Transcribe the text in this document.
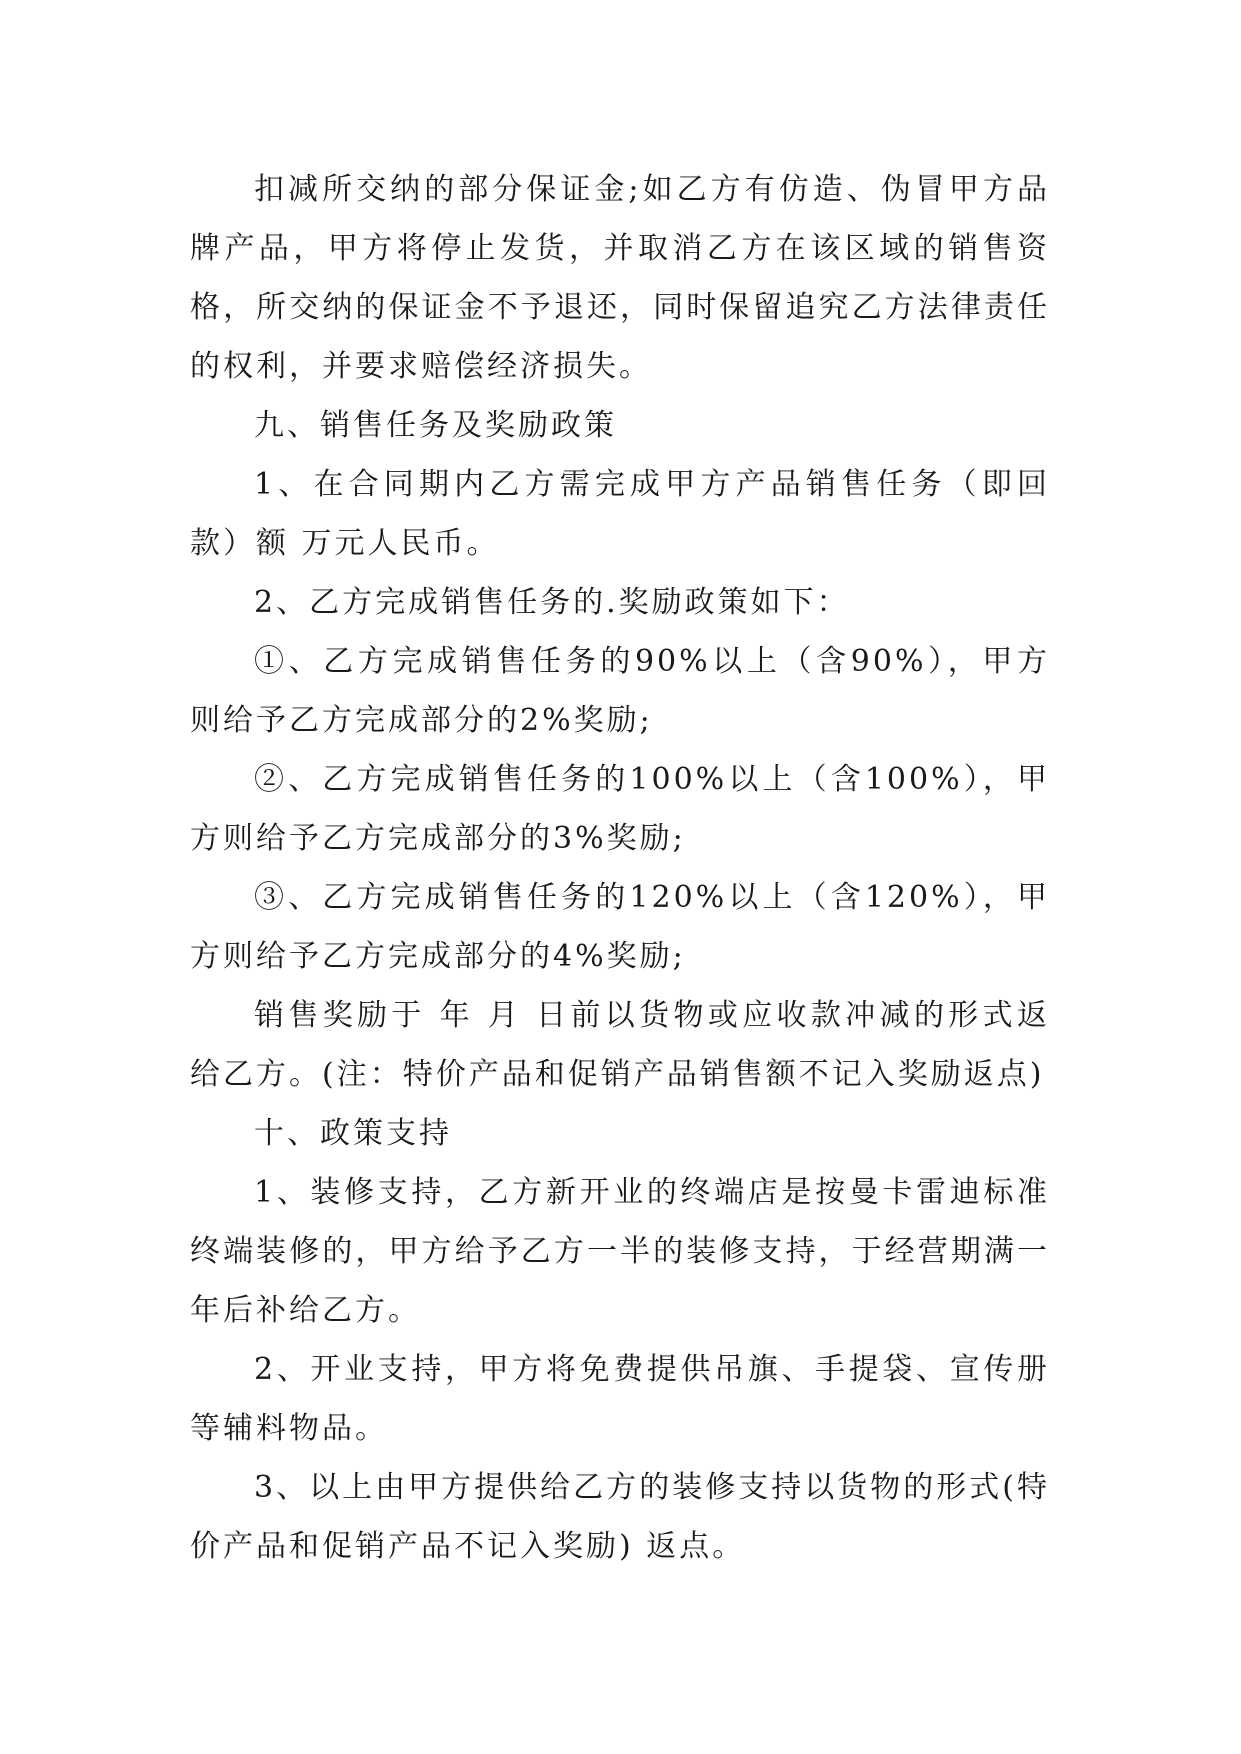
扣减所交纳的部分保证金;如乙方有仿造、伪冒甲方品牌产品，甲方将停止发货，并取消乙方在该区域的销售资格，所交纳的保证金不予退还，同时保留追究乙方法律责任的权利，并要求赔偿经济损失。

九、销售任务及奖励政策

1、在合同期内乙方需完成甲方产品销售任务（即回款）额 万元人民币。

2、乙方完成销售任务的.奖励政策如下：

①、乙方完成销售任务的90%以上（含90%），甲方则给予乙方完成部分的2%奖励;

②、乙方完成销售任务的100%以上（含100%），甲方则给予乙方完成部分的3%奖励;

③、乙方完成销售任务的120%以上（含120%），甲方则给予乙方完成部分的4%奖励;

销售奖励于 年 月 日前以货物或应收款冲减的形式返给乙方。(注：特价产品和促销产品销售额不记入奖励返点)

十、政策支持

1、装修支持，乙方新开业的终端店是按曼卡雷迪标准终端装修的，甲方给予乙方一半的装修支持，于经营期满一年后补给乙方。

2、开业支持，甲方将免费提供吊旗、手提袋、宣传册等辅料物品。

3、以上由甲方提供给乙方的装修支持以货物的形式(特价产品和促销产品不记入奖励) 返点。
